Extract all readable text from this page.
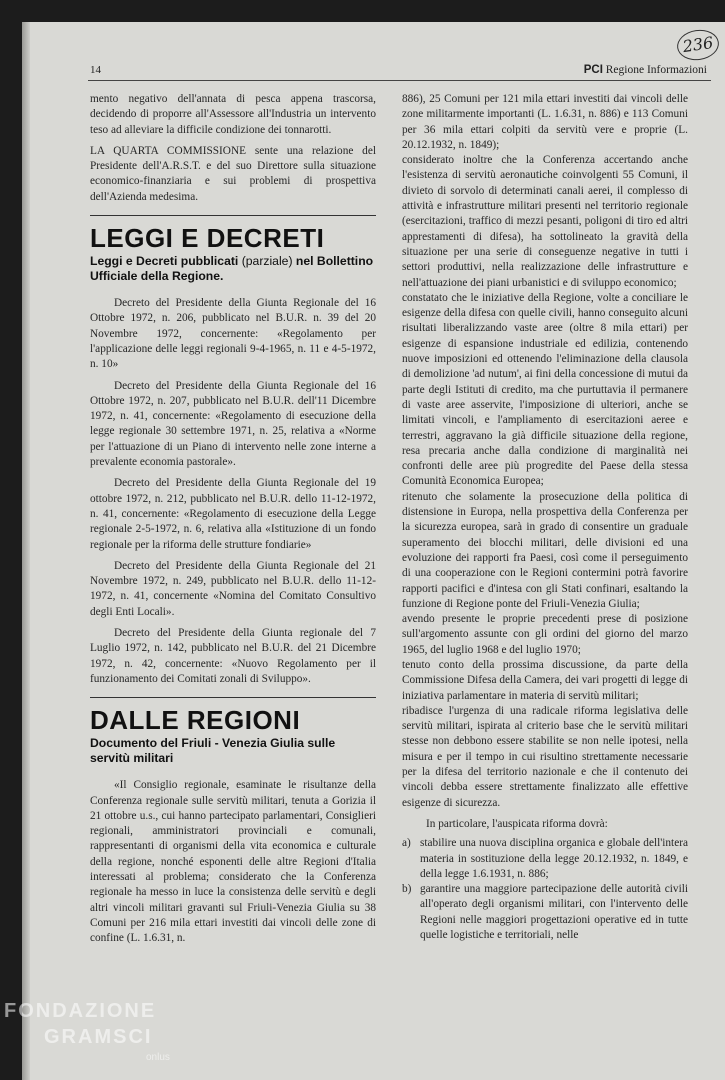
14	PCI Regione Informazioni
236

mento negativo dell'annata di pesca appena trascorsa, decidendo di proporre all'Assessore all'Industria un intervento teso ad alleviare la difficile condizione dei tonnarotti.

LA QUARTA COMMISSIONE sente una relazione del Presidente dell'A.R.S.T. e del suo Direttore sulla situazione economico-finanziaria e sui problemi di prospettiva dell'Azienda medesima.

LEGGI E DECRETI
Leggi e Decreti pubblicati (parziale) nel Bollettino Ufficiale della Regione.

Decreto del Presidente della Giunta Regionale del 16 Ottobre 1972, n. 206, pubblicato nel B.U.R. n. 39 del 20 Novembre 1972, concernente: «Regolamento per l'applicazione delle leggi regionali 9-4-1965, n. 11 e 4-5-1972, n. 10»

Decreto del Presidente della Giunta Regionale del 16 Ottobre 1972, n. 207, pubblicato nel B.U.R. dell'11 Dicembre 1972, n. 41, concernente: «Regolamento di esecuzione della legge regionale 30 settembre 1971, n. 25, relativa a «Norme per l'attuazione di un Piano di intervento nelle zone interne a prevalente economia pastorale».

Decreto del Presidente della Giunta Regionale del 19 ottobre 1972, n. 212, pubblicato nel B.U.R. dello 11-12-1972, n. 41, concernente: «Regolamento di esecuzione della Legge regionale 2-5-1972, n. 6, relativa alla «Istituzione di un fondo regionale per la riforma delle strutture fondiarie»

Decreto del Presidente della Giunta Regionale del 21 Novembre 1972, n. 249, pubblicato nel B.U.R. dello 11-12-1972, n. 41, concernente «Nomina del Comitato Consultivo degli Enti Locali».

Decreto del Presidente della Giunta regionale del 7 Luglio 1972, n. 142, pubblicato nel B.U.R. del 21 Dicembre 1972, n. 42, concernente: «Nuovo Regolamento per il funzionamento dei Comitati zonali di Sviluppo».

DALLE REGIONI
Documento del Friuli - Venezia Giulia sulle servitù militari

«Il Consiglio regionale, esaminate le risultanze della Conferenza regionale sulle servitù militari, tenuta a Gorizia il 21 ottobre u.s., cui hanno partecipato parlamentari, Consiglieri regionali, amministratori provinciali e comunali, rappresentanti di organismi della vita economica e culturale della regione, nonché esponenti delle altre Regioni d'Italia interessati al problema; considerato che la Conferenza regionale ha messo in luce la consistenza delle servitù e degli altri vincoli militari gravanti sul Friuli-Venezia Giulia su 38 Comuni per 216 mila ettari investiti dai vincoli delle zone di confine (L. 1.6.31, n.

886), 25 Comuni per 121 mila ettari investiti dai vincoli delle zone militarmente importanti (L. 1.6.31, n. 886) e 113 Comuni per 36 mila ettari colpiti da servitù vere e proprie (L. 20.12.1932, n. 1849);

considerato inoltre che la Conferenza accertando anche l'esistenza di servitù aeronautiche coinvolgenti 55 Comuni, il divieto di sorvolo di determinati canali aerei, il complesso di attività e infrastrutture militari presenti nel territorio regionale (esercitazioni, traffico di mezzi pesanti, poligoni di tiro ed altri apprestamenti di difesa), ha sottolineato la gravità della situazione per una serie di conseguenze negative in tutti i settori produttivi, nella realizzazione delle infrastrutture e nell'attuazione dei piani urbanistici e di sviluppo economico;

constatato che le iniziative della Regione, volte a conciliare le esigenze della difesa con quelle civili, hanno conseguito alcuni risultati liberalizzando vaste aree (oltre 8 mila ettari) per esigenze di espansione industriale ed edilizia, contenendo nuove imposizioni ed ottenendo l'eliminazione della clausola di demolizione 'ad nutum', ai fini della concessione di mutui da parte degli Istituti di credito, ma che purtuttavia il permanere di vaste aree asservite, l'imposizione di ulteriori, anche se limitati vincoli, e l'ampliamento di esercitazioni aeree e terrestri, aggravano la già difficile situazione della regione, resa precaria anche dalla condizione di marginalità nei confronti delle aree più progredite del Paese della stessa Comunità Economica Europea;

ritenuto che solamente la prosecuzione della politica di distensione in Europa, nella prospettiva della Conferenza per la sicurezza europea, sarà in grado di consentire un graduale superamento dei blocchi militari, delle divisioni ed una evoluzione dei rapporti fra Paesi, così come il perseguimento di una cooperazione con le Regioni contermini potrà favorire rapporti pacifici e d'intesa con gli Stati confinari, esaltando la funzione di Regione ponte del Friuli-Venezia Giulia;

avendo presente le proprie precedenti prese di posizione sull'argomento assunte con gli ordini del giorno del marzo 1965, del luglio 1968 e del luglio 1970;

tenuto conto della prossima discussione, da parte della Commissione Difesa della Camera, dei vari progetti di legge di iniziativa parlamentare in materia di servitù militari;

ribadisce l'urgenza di una radicale riforma legislativa delle servitù militari, ispirata al criterio base che le servitù militari stesse non debbono essere stabilite se non nelle ipotesi, nella misura e per il tempo in cui risultino strettamente necessarie per la difesa del territorio nazionale e che il contenuto dei vincoli debba essere strettamente finalizzato alle effettive esigenze di sicurezza.

In particolare, l'auspicata riforma dovrà:

a) stabilire una nuova disciplina organica e globale dell'intera materia in sostituzione della legge 20.12.1932, n. 1849, e della legge 1.6.1931, n. 886;
b) garantire una maggiore partecipazione delle autorità civili all'operato degli organismi militari, con l'intervento delle Regioni nelle maggiori progettazioni operative ed in tutte quelle logistiche e territoriali, nelle
FONDAZIONE
GRAMSCI
onlus
